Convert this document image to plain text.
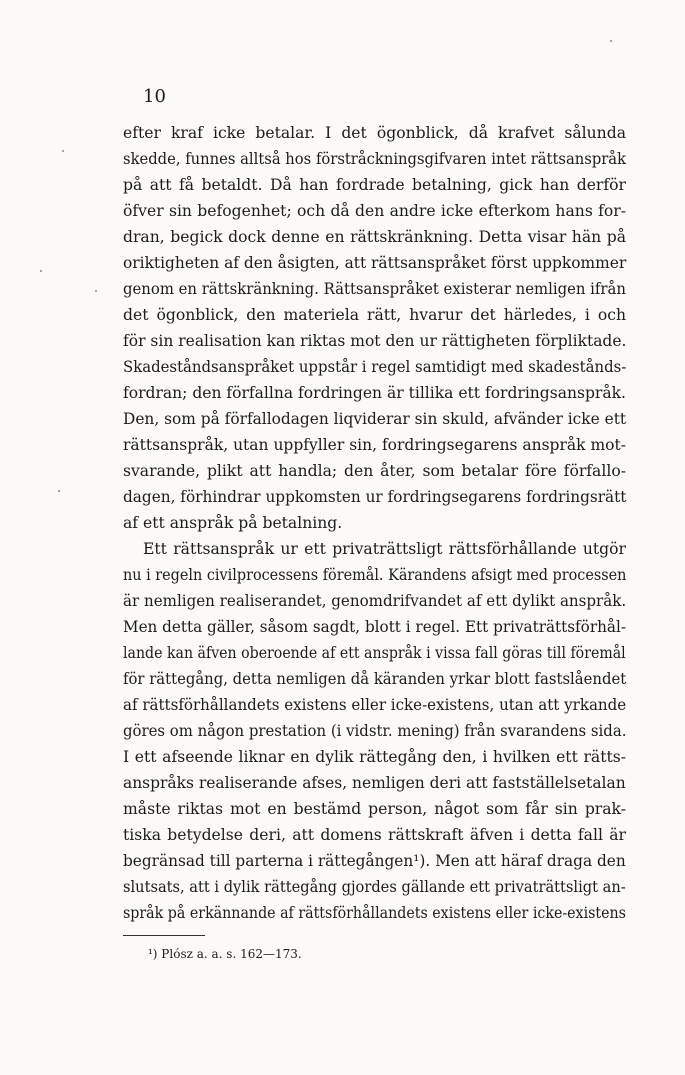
10
efter kraf icke betalar. I det ögonblick, då krafvet sålunda
skedde, funnes alltså hos förstråckningsgifvaren intet rättsanspråk
på att få betaldt. Då han fordrade betalning, gick han derför
öfver sin befogenhet; och då den andre icke efterkom hans for-
dran, begick dock denne en rättskränkning. Detta visar hän på
oriktigheten af den åsigten, att rättsanspråket först uppkommer
genom en rättskränkning. Rättsanspråket existerar nemligen ifrån
det ögonblick, den materiela rätt, hvarur det härledes, i och
för sin realisation kan riktas mot den ur rättigheten förpliktade.
Skadeståndsanspråket uppstår i regel samtidigt med skadestånds-
fordran; den förfallna fordringen är tillika ett fordringsanspråk.
Den, som på förfallodagen liqviderar sin skuld, afvänder icke ett
rättsanspråk, utan uppfyller sin, fordringsegarens anspråk mot-
svarande, plikt att handla; den åter, som betalar före förfallo-
dagen, förhindrar uppkomsten ur fordringsegarens fordringsrätt
af ett anspråk på betalning.
Ett rättsanspråk ur ett privaträttsligt rättsförhållande utgör
nu i regeln civilprocessens föremål. Kärandens afsigt med processen
är nemligen realiserandet, genomdrifvandet af ett dylikt anspråk.
Men detta gäller, såsom sagdt, blott i regel. Ett privaträttsförhål-
lande kan äfven oberoende af ett anspråk i vissa fall göras till föremål
för rättegång, detta nemligen då käranden yrkar blott fastslåendet
af rättsförhållandets existens eller icke-existens, utan att yrkande
göres om någon prestation (i vidstr. mening) från svarandens sida.
I ett afseende liknar en dylik rättegång den, i hvilken ett rätts-
anspråks realiserande afses, nemligen deri att fastställelsetalan
måste riktas mot en bestämd person, något som får sin prak-
tiska betydelse deri, att domens rättskraft äfven i detta fall är
begränsad till parterna i rättegången¹). Men att häraf draga den
slutsats, att i dylik rättegång gjordes gällande ett privaträttsligt an-
språk på erkännande af rättsförhållandets existens eller icke-existens
¹) Plósz a. a. s. 162—173.
